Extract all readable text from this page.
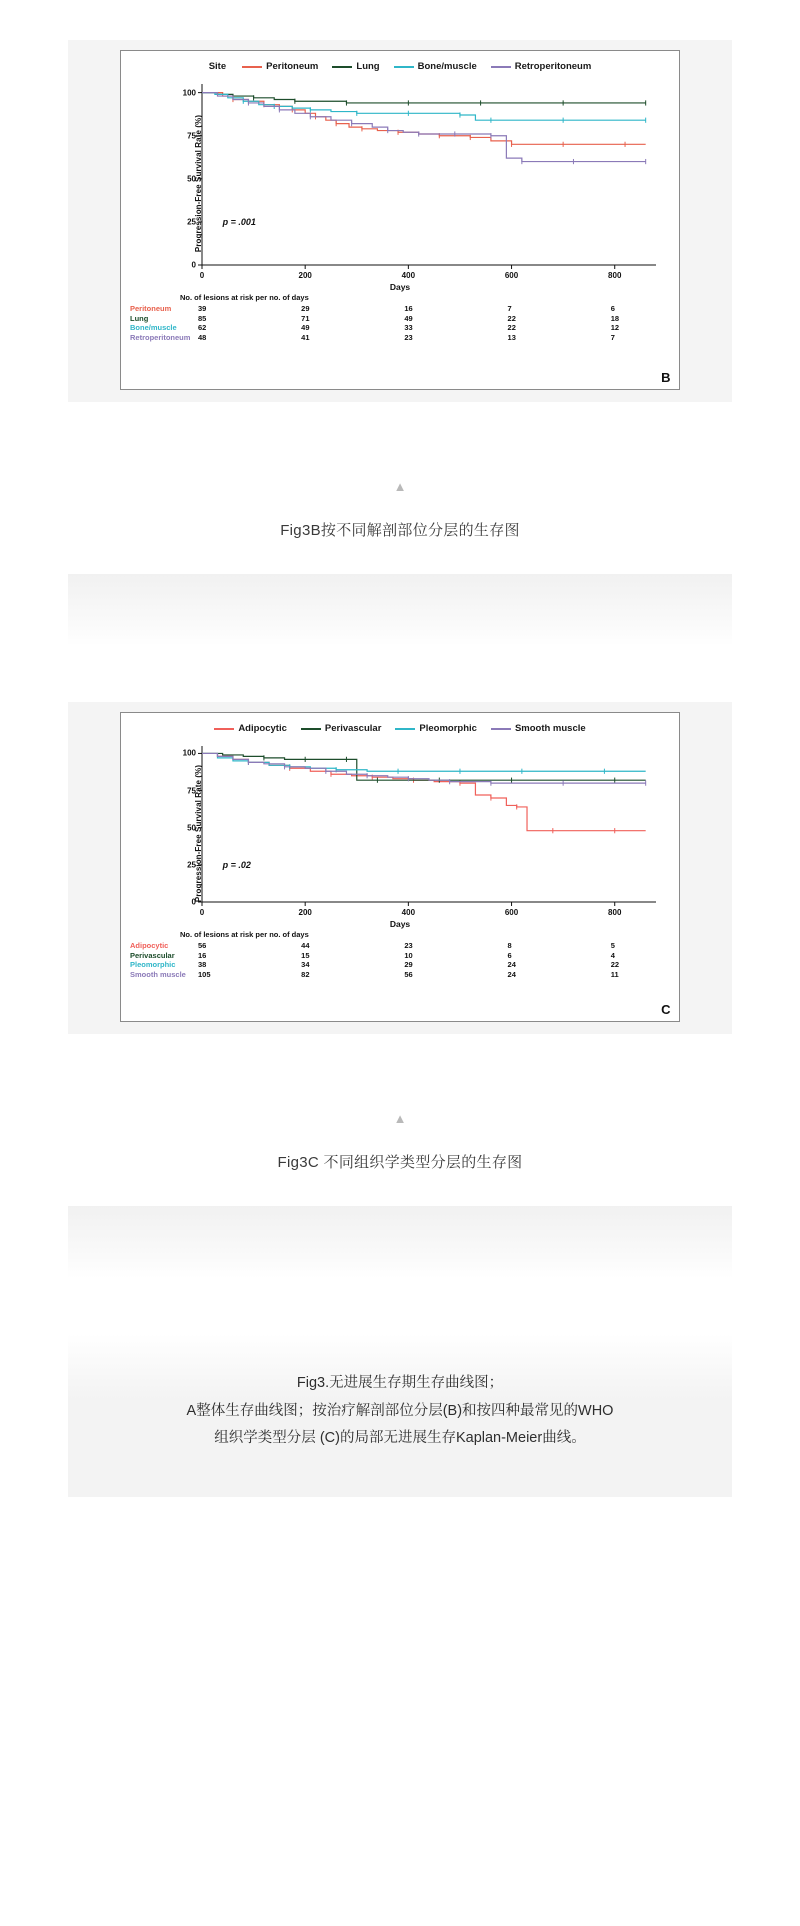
Site	Peritoneum	Lung	Bone/muscle	Retroperitoneum
Progression-Free Survival Rate (%) p = .001
0
25
50
75
100
0	200	400	600	800
Days
No. of lesions at risk per no. of days
Peritoneum	39	29	16	7	6
Lung	85	71	49	22	18
Bone/muscle	62	49	33	22	12
Retroperitoneum 48	41	23	13	7
B
▲
Fig3B按不同解剖部位分层的生存图
Adipocytic	Perivascular	Pleomorphic	Smooth muscle
Progression-Free Survival Rate (%) p = .02
0
25
50
75
100
0	200	400	600	800
Days
No. of lesions at risk per no. of days
Adipocytic	56	44	23	8	5
Perivascular	16	15	10	6	4
Pleomorphic	38	34	29	24	22
Smooth muscle 105	82	56	24	11
C
▲
Fig3C 不同组织学类型分层的生存图
Fig3.无进展生存期生存曲线图；
A整体生存曲线图；按治疗解剖部位分层(B)和按四种最常见的WHO
组织学类型分层 (C)的局部无进展生存Kaplan-Meier曲线。
